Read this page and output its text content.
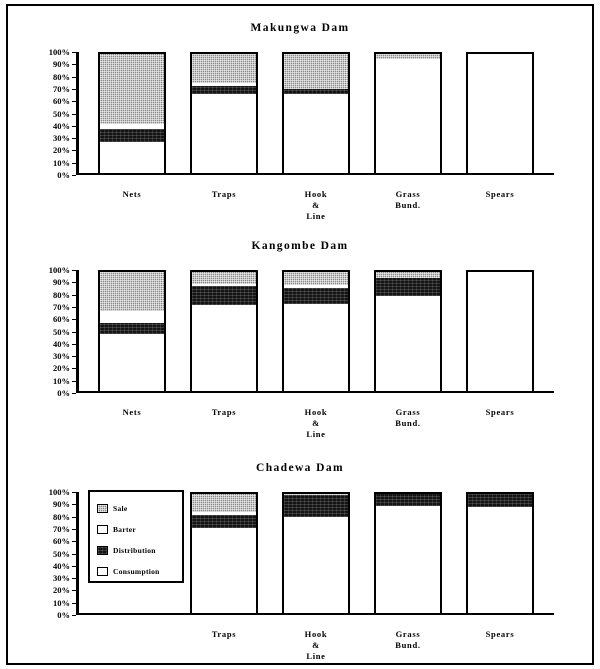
Makungwa Dam
100%
90%
80%
70%
60%
50%
40%
30%
20%
10%
0%
Nets	Traps	Hook
&
Line
Grass
Bund.
Spears
Kangombe Dam
100%
90%
80%
70%
60%
50%
40%
30%
20%
10%
0%
Nets	Traps	Hook
&
Line
Grass
Bund.
Spears
Chadewa Dam
100%
90%
80%
70%
60%
50%
40%
30%
20%
10%
0%
Traps	Hook
&
Line
Grass
Bund.
Spears
Sale
Barter
Distribution
Consumption
